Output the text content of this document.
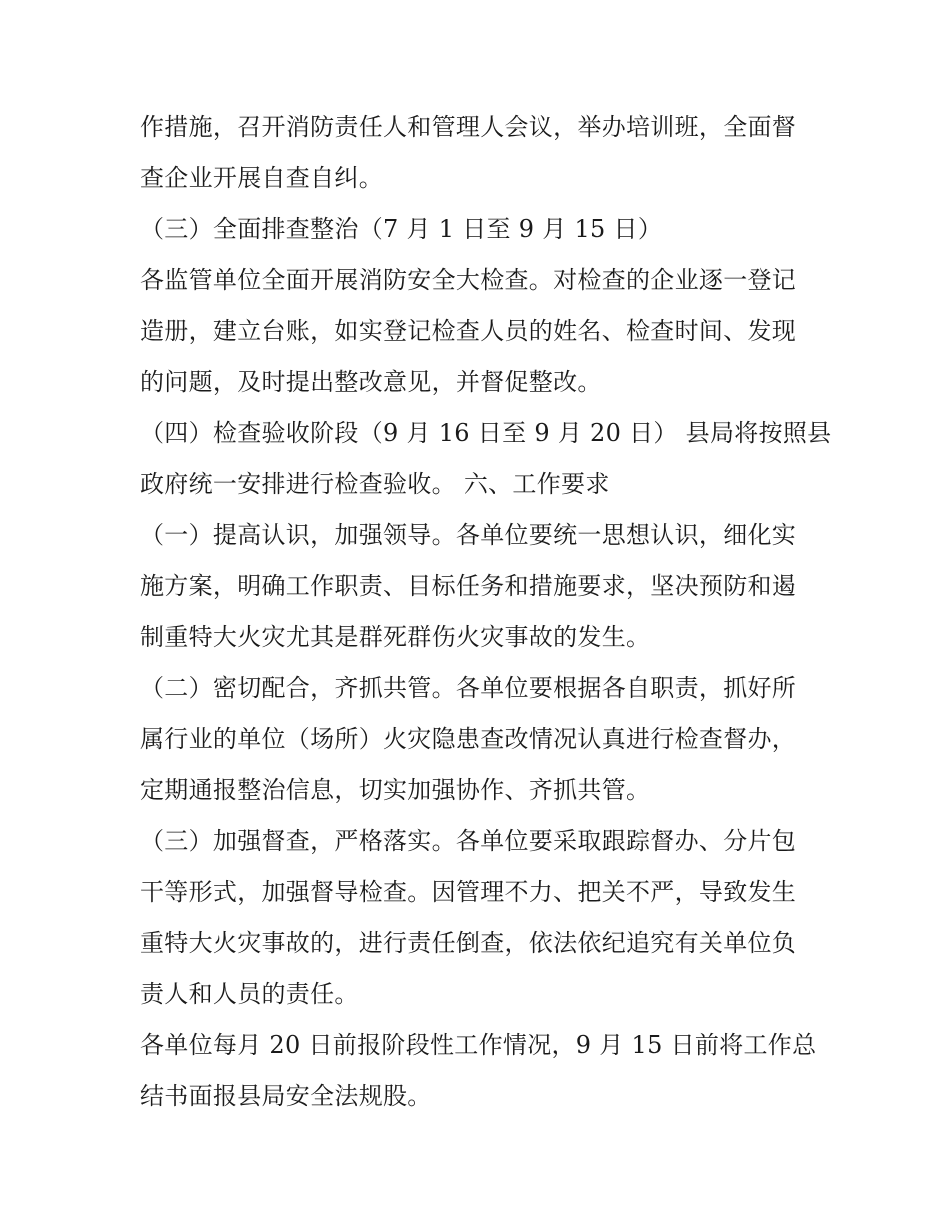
作措施，召开消防责任人和管理人会议，举办培训班，全面督
查企业开展自查自纠。
（三）全面排查整治（7 月 1 日至 9 月 15 日）
各监管单位全面开展消防安全大检查。对检查的企业逐一登记
造册，建立台账，如实登记检查人员的姓名、检查时间、发现
的问题，及时提出整改意见，并督促整改。
（四）检查验收阶段（9 月 16 日至 9 月 20 日） 县局将按照县
政府统一安排进行检查验收。 六、工作要求
（一）提高认识，加强领导。各单位要统一思想认识，细化实
施方案，明确工作职责、目标任务和措施要求，坚决预防和遏
制重特大火灾尤其是群死群伤火灾事故的发生。
（二）密切配合，齐抓共管。各单位要根据各自职责，抓好所
属行业的单位（场所）火灾隐患查改情况认真进行检查督办，
定期通报整治信息，切实加强协作、齐抓共管。
（三）加强督查，严格落实。各单位要采取跟踪督办、分片包
干等形式，加强督导检查。因管理不力、把关不严，导致发生
重特大火灾事故的，进行责任倒查，依法依纪追究有关单位负
责人和人员的责任。
各单位每月 20 日前报阶段性工作情况，9 月 15 日前将工作总
结书面报县局安全法规股。
